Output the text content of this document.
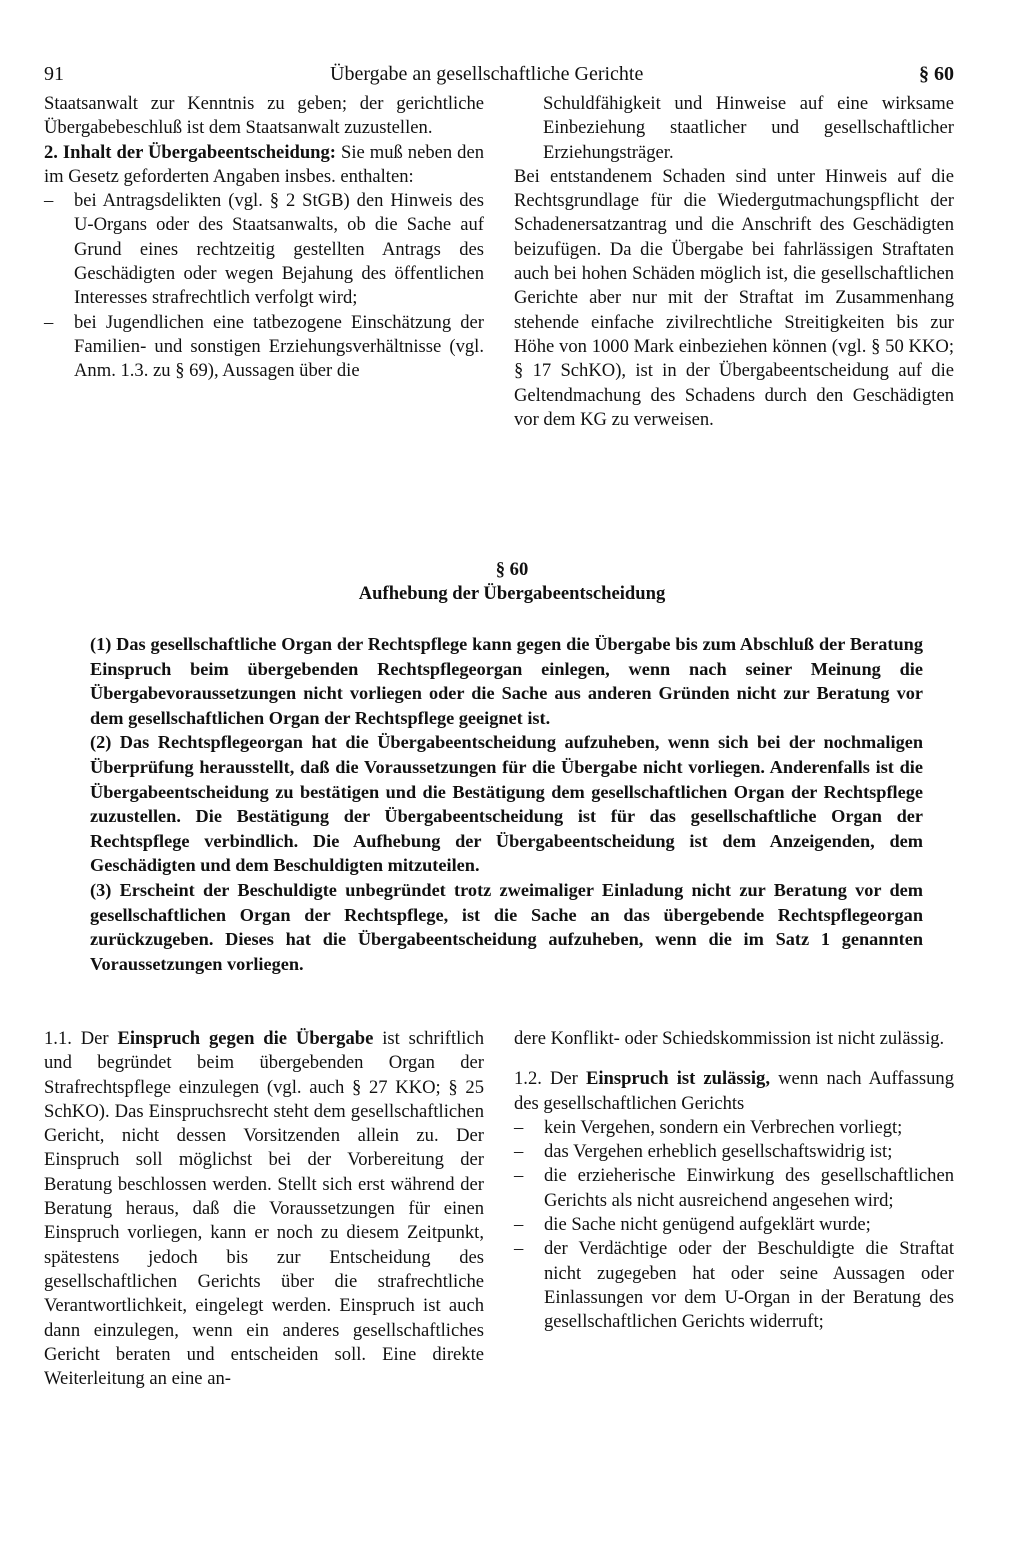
91	Übergabe an gesellschaftliche Gerichte	§ 60

Staatsanwalt zur Kenntnis zu geben; der gerichtliche Übergabebeschluß ist dem Staatsanwalt zuzustellen.

2. Inhalt der Übergabeentscheidung: Sie muß neben den im Gesetz geforderten Angaben insbes. enthalten:

– bei Antragsdelikten (vgl. § 2 StGB) den Hinweis des U-Organs oder des Staatsanwalts, ob die Sache auf Grund eines rechtzeitig gestellten Antrags des Geschädigten oder wegen Bejahung des öffentlichen Interesses strafrechtlich verfolgt wird;
– bei Jugendlichen eine tatbezogene Einschätzung der Familien- und sonstigen Erziehungsverhältnisse (vgl. Anm. 1.3. zu § 69), Aussagen über die

Schuldfähigkeit und Hinweise auf eine wirksame Einbeziehung staatlicher und gesellschaftlicher Erziehungsträger.

Bei entstandenem Schaden sind unter Hinweis auf die Rechtsgrundlage für die Wiedergutmachungspflicht der Schadenersatzantrag und die Anschrift des Geschädigten beizufügen. Da die Übergabe bei fahrlässigen Straftaten auch bei hohen Schäden möglich ist, die gesellschaftlichen Gerichte aber nur mit der Straftat im Zusammenhang stehende einfache zivilrechtliche Streitigkeiten bis zur Höhe von 1000 Mark einbeziehen können (vgl. § 50 KKO; § 17 SchKO), ist in der Übergabeentscheidung auf die Geltendmachung des Schadens durch den Geschädigten vor dem KG zu verweisen.

§ 60
Aufhebung der Übergabeentscheidung

(1) Das gesellschaftliche Organ der Rechtspflege kann gegen die Übergabe bis zum Abschluß der Beratung Einspruch beim übergebenden Rechtspflegeorgan einlegen, wenn nach seiner Meinung die Übergabevoraussetzungen nicht vorliegen oder die Sache aus anderen Gründen nicht zur Beratung vor dem gesellschaftlichen Organ der Rechtspflege geeignet ist.

(2) Das Rechtspflegeorgan hat die Übergabeentscheidung aufzuheben, wenn sich bei der nochmaligen Überprüfung herausstellt, daß die Voraussetzungen für die Übergabe nicht vorliegen. Anderenfalls ist die Übergabeentscheidung zu bestätigen und die Bestätigung dem gesellschaftlichen Organ der Rechtspflege zuzustellen. Die Bestätigung der Übergabeentscheidung ist für das gesellschaftliche Organ der Rechtspflege verbindlich. Die Aufhebung der Übergabeentscheidung ist dem Anzeigenden, dem Geschädigten und dem Beschuldigten mitzuteilen.

(3) Erscheint der Beschuldigte unbegründet trotz zweimaliger Einladung nicht zur Beratung vor dem gesellschaftlichen Organ der Rechtspflege, ist die Sache an das übergebende Rechtspflegeorgan zurückzugeben. Dieses hat die Übergabeentscheidung aufzuheben, wenn die im Satz 1 genannten Voraussetzungen vorliegen.

1.1. Der Einspruch gegen die Übergabe ist schriftlich und begründet beim übergebenden Organ der Strafrechtspflege einzulegen (vgl. auch § 27 KKO; § 25 SchKO). Das Einspruchsrecht steht dem gesellschaftlichen Gericht, nicht dessen Vorsitzenden allein zu. Der Einspruch soll möglichst bei der Vorbereitung der Beratung beschlossen werden. Stellt sich erst während der Beratung heraus, daß die Voraussetzungen für einen Einspruch vorliegen, kann er noch zu diesem Zeitpunkt, spätestens jedoch bis zur Entscheidung des gesellschaftlichen Gerichts über die strafrechtliche Verantwortlichkeit, eingelegt werden. Einspruch ist auch dann einzulegen, wenn ein anderes gesellschaftliches Gericht beraten und entscheiden soll. Eine direkte Weiterleitung an eine an-

dere Konflikt- oder Schiedskommission ist nicht zulässig.

1.2. Der Einspruch ist zulässig, wenn nach Auffassung des gesellschaftlichen Gerichts

– kein Vergehen, sondern ein Verbrechen vorliegt;
– das Vergehen erheblich gesellschaftswidrig ist;
– die erzieherische Einwirkung des gesellschaftlichen Gerichts als nicht ausreichend angesehen wird;
– die Sache nicht genügend aufgeklärt wurde;
– der Verdächtige oder der Beschuldigte die Straftat nicht zugegeben hat oder seine Aussagen oder Einlassungen vor dem U-Organ in der Beratung des gesellschaftlichen Gerichts widerruft;
